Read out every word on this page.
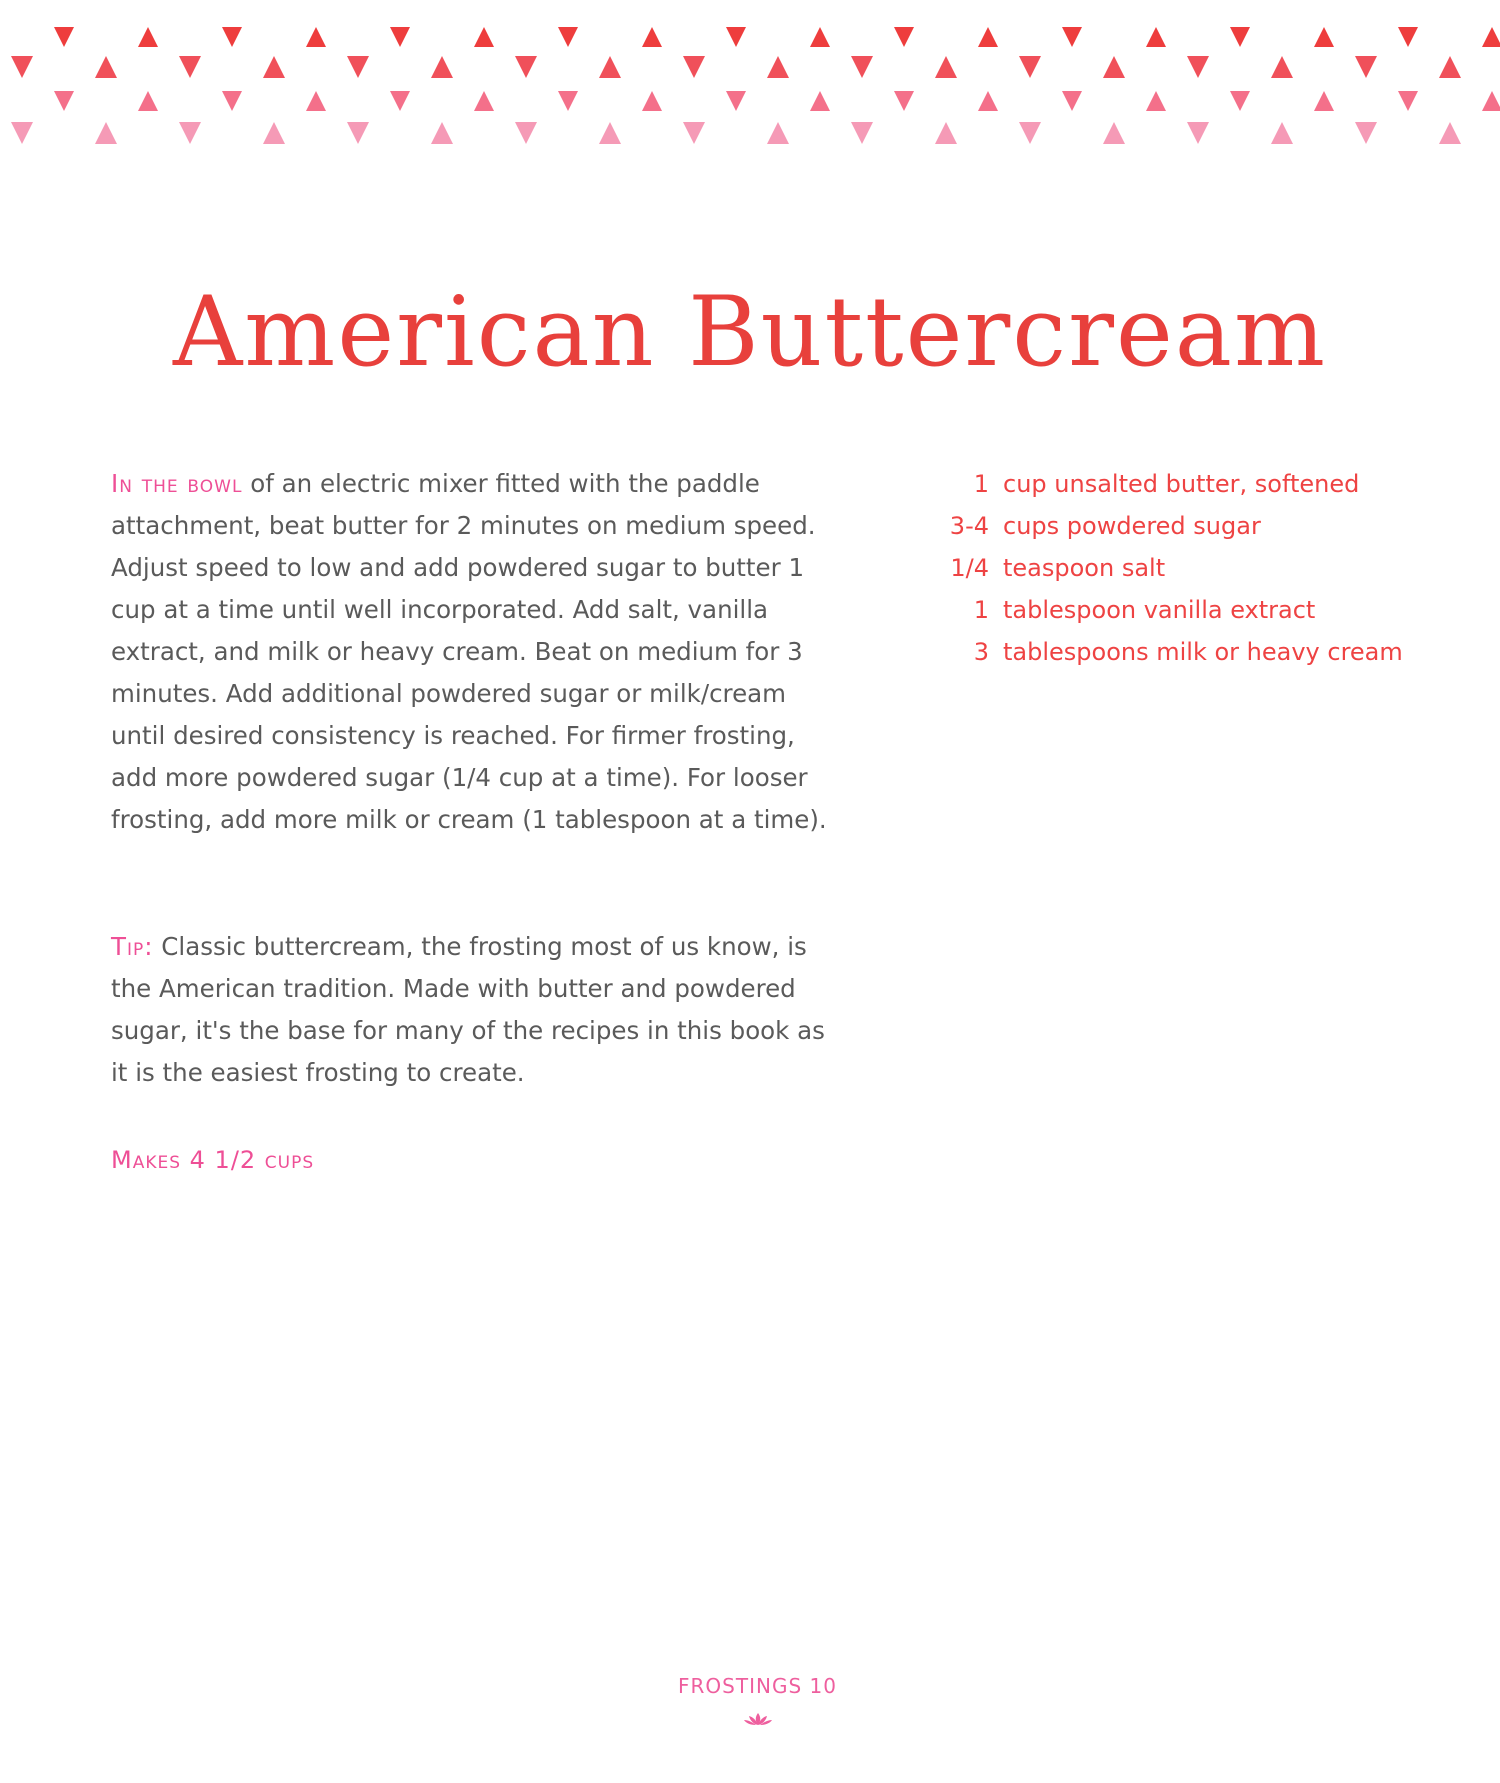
American Buttercream

In the bowl of an electric mixer fitted with the paddle attachment, beat butter for 2 minutes on medium speed. Adjust speed to low and add powdered sugar to butter 1 cup at a time until well incorporated. Add salt, vanilla extract, and milk or heavy cream. Beat on medium for 3 minutes. Add additional powdered sugar or milk/cream until desired consistency is reached. For firmer frosting, add more powdered sugar (1/4 cup at a time). For looser frosting, add more milk or cream (1 tablespoon at a time).

Tip: Classic buttercream, the frosting most of us know, is the American tradition. Made with butter and powdered sugar, it's the base for many of the recipes in this book as it is the easiest frosting to create.

Makes 4 1/2 cups

1 cup unsalted butter, softened
3-4 cups powdered sugar
1/4 teaspoon salt
1 tablespoon vanilla extract
3 tablespoons milk or heavy cream
FROSTINGS 10
